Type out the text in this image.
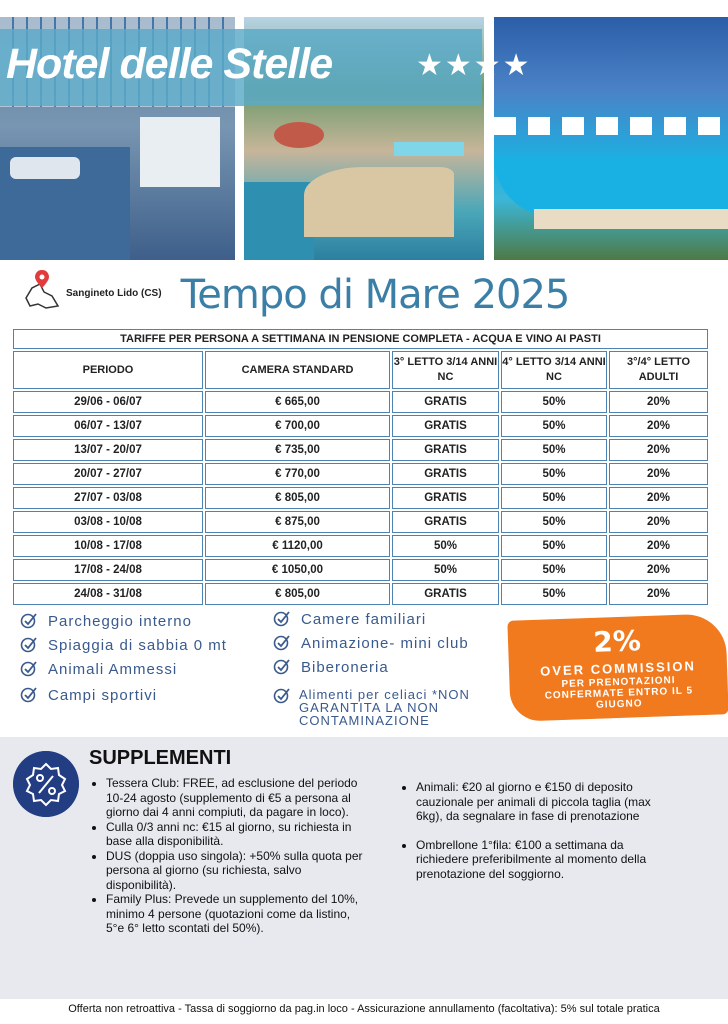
Hotel delle Stelle	★★★★
Sangineto Lido (CS) Tempo di Mare 2025
TARIFFE PER PERSONA A SETTIMANA IN PENSIONE COMPLETA - ACQUA E VINO AI PASTI				
PERIODO	CAMERA STANDARD	3° LETTO 3/14 ANNI NC	4° LETTO 3/14 ANNI NC	3°/4° LETTO ADULTI
29/06 - 06/07	€ 665,00	GRATIS	50%	20%
06/07 - 13/07	€ 700,00	GRATIS	50%	20%
13/07 - 20/07	€ 735,00	GRATIS	50%	20%
20/07 - 27/07	€ 770,00	GRATIS	50%	20%
27/07 - 03/08	€ 805,00	GRATIS	50%	20%
03/08 - 10/08	€ 875,00	GRATIS	50%	20%
10/08 - 17/08	€ 1120,00	50%	50%	20%
17/08 - 24/08	€ 1050,00	50%	50%	20%
24/08 - 31/08	€ 805,00	GRATIS	50%	20%
Parcheggio interno
Spiaggia di sabbia 0 mt
Animali Ammessi
Campi sportivi
Camere familiari
Animazione- mini club
Biberoneria
Alimenti per celiaci *NON GARANTITA LA NON CONTAMINAZIONE
2%
OVER COMMISSION
PER PRENOTAZIONI CONFERMATE ENTRO IL 5 GIUGNO
SUPPLEMENTI
• Tessera Club: FREE, ad esclusione del periodo 10-24 agosto (supplemento di €5 a persona al giorno dai 4 anni compiuti, da pagare in loco).
• Culla 0/3 anni nc: €15 al giorno, su richiesta in base alla disponibilità.
• DUS (doppia uso singola): +50% sulla quota per persona al giorno (su richiesta, salvo disponibilità).
• Family Plus: Prevede un supplemento del 10%, minimo 4 persone (quotazioni come da listino, 5°e 6° letto scontati del 50%).
• Animali: €20 al giorno e €150 di deposito cauzionale per animali di piccola taglia (max 6kg), da segnalare in fase di prenotazione
• Ombrellone 1°fila: €100 a settimana da richiedere preferibilmente al momento della prenotazione del soggiorno.
Offerta non retroattiva - Tassa di soggiorno da pag.in loco - Assicurazione annullamento (facoltativa): 5% sul totale pratica
